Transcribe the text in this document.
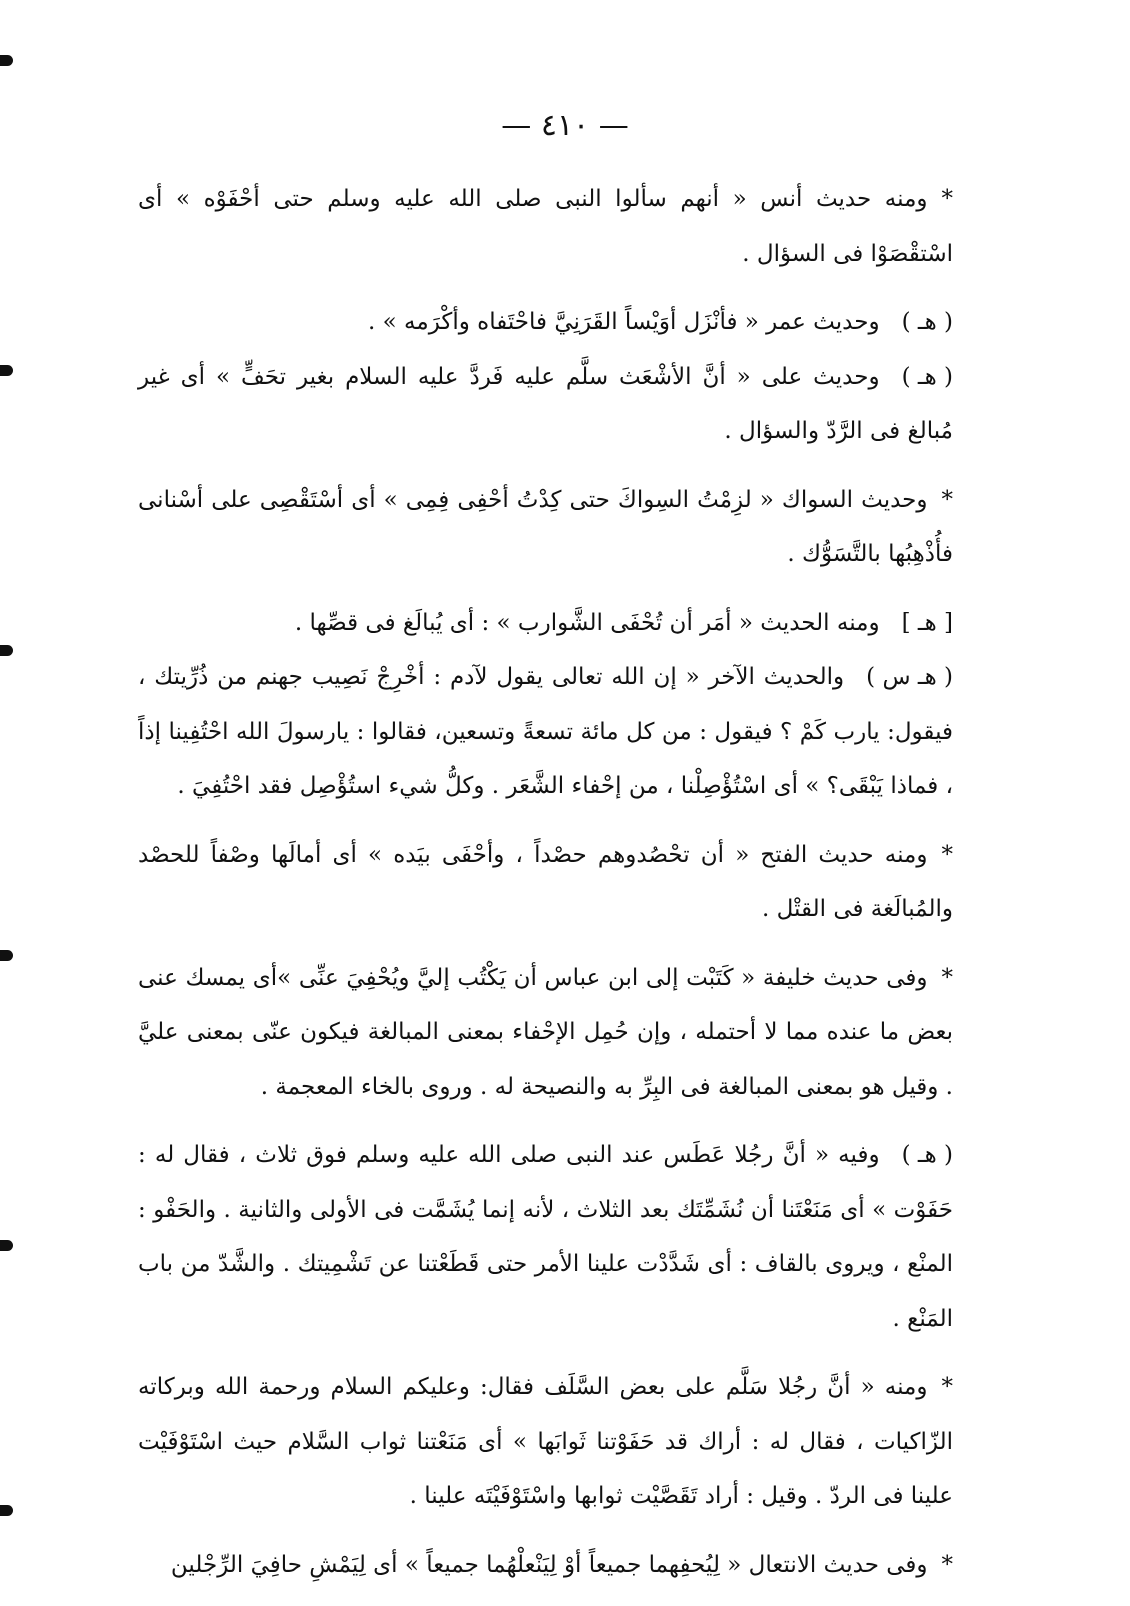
— ٤١٠ —

*ومنه حديث أنس « أنهم سألوا النبى صلى الله عليه وسلم حتى أحْفَوْه » أى اسْتقْصَوْا فى السؤال .

( هـ )وحديث عمر « فأنْزَل أوَيْساً القَرَنِيَّ فاحْتَفاه وأكْرَمه » .

( هـ )وحديث على « أنَّ الأشْعَث سلَّم عليه فَردَّ عليه السلام بغير تحَفٍّ » أى غير مُبالغ فى الرَّدّ والسؤال .

*وحديث السواك « لزِمْتُ السِواكَ حتى كِدْتُ أحْفِى فِمِى » أى أسْتَقْصِى على أسْنانى فأُذْهِبُها بالتَّسَوُّك .

[ هـ ]ومنه الحديث « أمَر أن تُحْفَى الشَّوارب » : أى يُبالَغ فى قصِّها .

( هـ س )والحديث الآخر « إن الله تعالى يقول لآدم : أخْرِجْ نَصِيب جهنم من ذُرِّيتك ، فيقول: يارب كَمْ ؟ فيقول : من كل مائة تسعةً وتسعين، فقالوا : يارسولَ الله احْتُفِينا إذاً ، فماذا يَبْقَى؟ » أى اسْتُؤْصِلْنا ، من إحْفاء الشَّعَر . وكلُّ شيء استُؤْصِل فقد احْتُفِيَ .

*ومنه حديث الفتح « أن تحْصُدوهم حصْداً ، وأحْفَى بيَده » أى أمالَها وصْفاً للحصْد والمُبالَغة فى القتْل .

*وفى حديث خليفة « كَتَبْت إلى ابن عباس أن يَكْتُب إليَّ ويُحْفِيَ عنِّى »أى يمسك عنى بعض ما عنده مما لا أحتمله ، وإن حُمِل الإحْفاء بمعنى المبالغة فيكون عنّى بمعنى عليَّ . وقيل هو بمعنى المبالغة فى البِرِّ به والنصيحة له . وروى بالخاء المعجمة .

( هـ )وفيه « أنَّ رجُلا عَطَس عند النبى صلى الله عليه وسلم فوق ثلاث ، فقال له : حَفَوْت » أى مَنَعْتَنا أن نُشَمِّتَك بعد الثلاث ، لأنه إنما يُشَمَّت فى الأولى والثانية . والحَفْو : المنْع ، ويروى بالقاف : أى شَدَّدْت علينا الأمر حتى قَطَعْتنا عن تَشْمِيتك . والشَّدّ من باب المَنْع .

*ومنه « أنَّ رجُلا سَلَّم على بعض السَّلَف فقال: وعليكم السلام ورحمة الله وبركاته الزّاكيات ، فقال له : أراك قد حَفَوْتنا ثَوابَها » أى مَنَعْتنا ثواب السَّلام حيث اسْتَوْفَيْت علينا فى الردّ . وقيل : أراد تَقَصَّيْت ثوابها واسْتَوْفَيْتَه علينا .

*وفى حديث الانتعال « لِيُحفِهما جميعاً أوْ لِيَنْعلْهُما جميعاً » أى لِيَمْشِ حافِيَ الرِّجْلين
